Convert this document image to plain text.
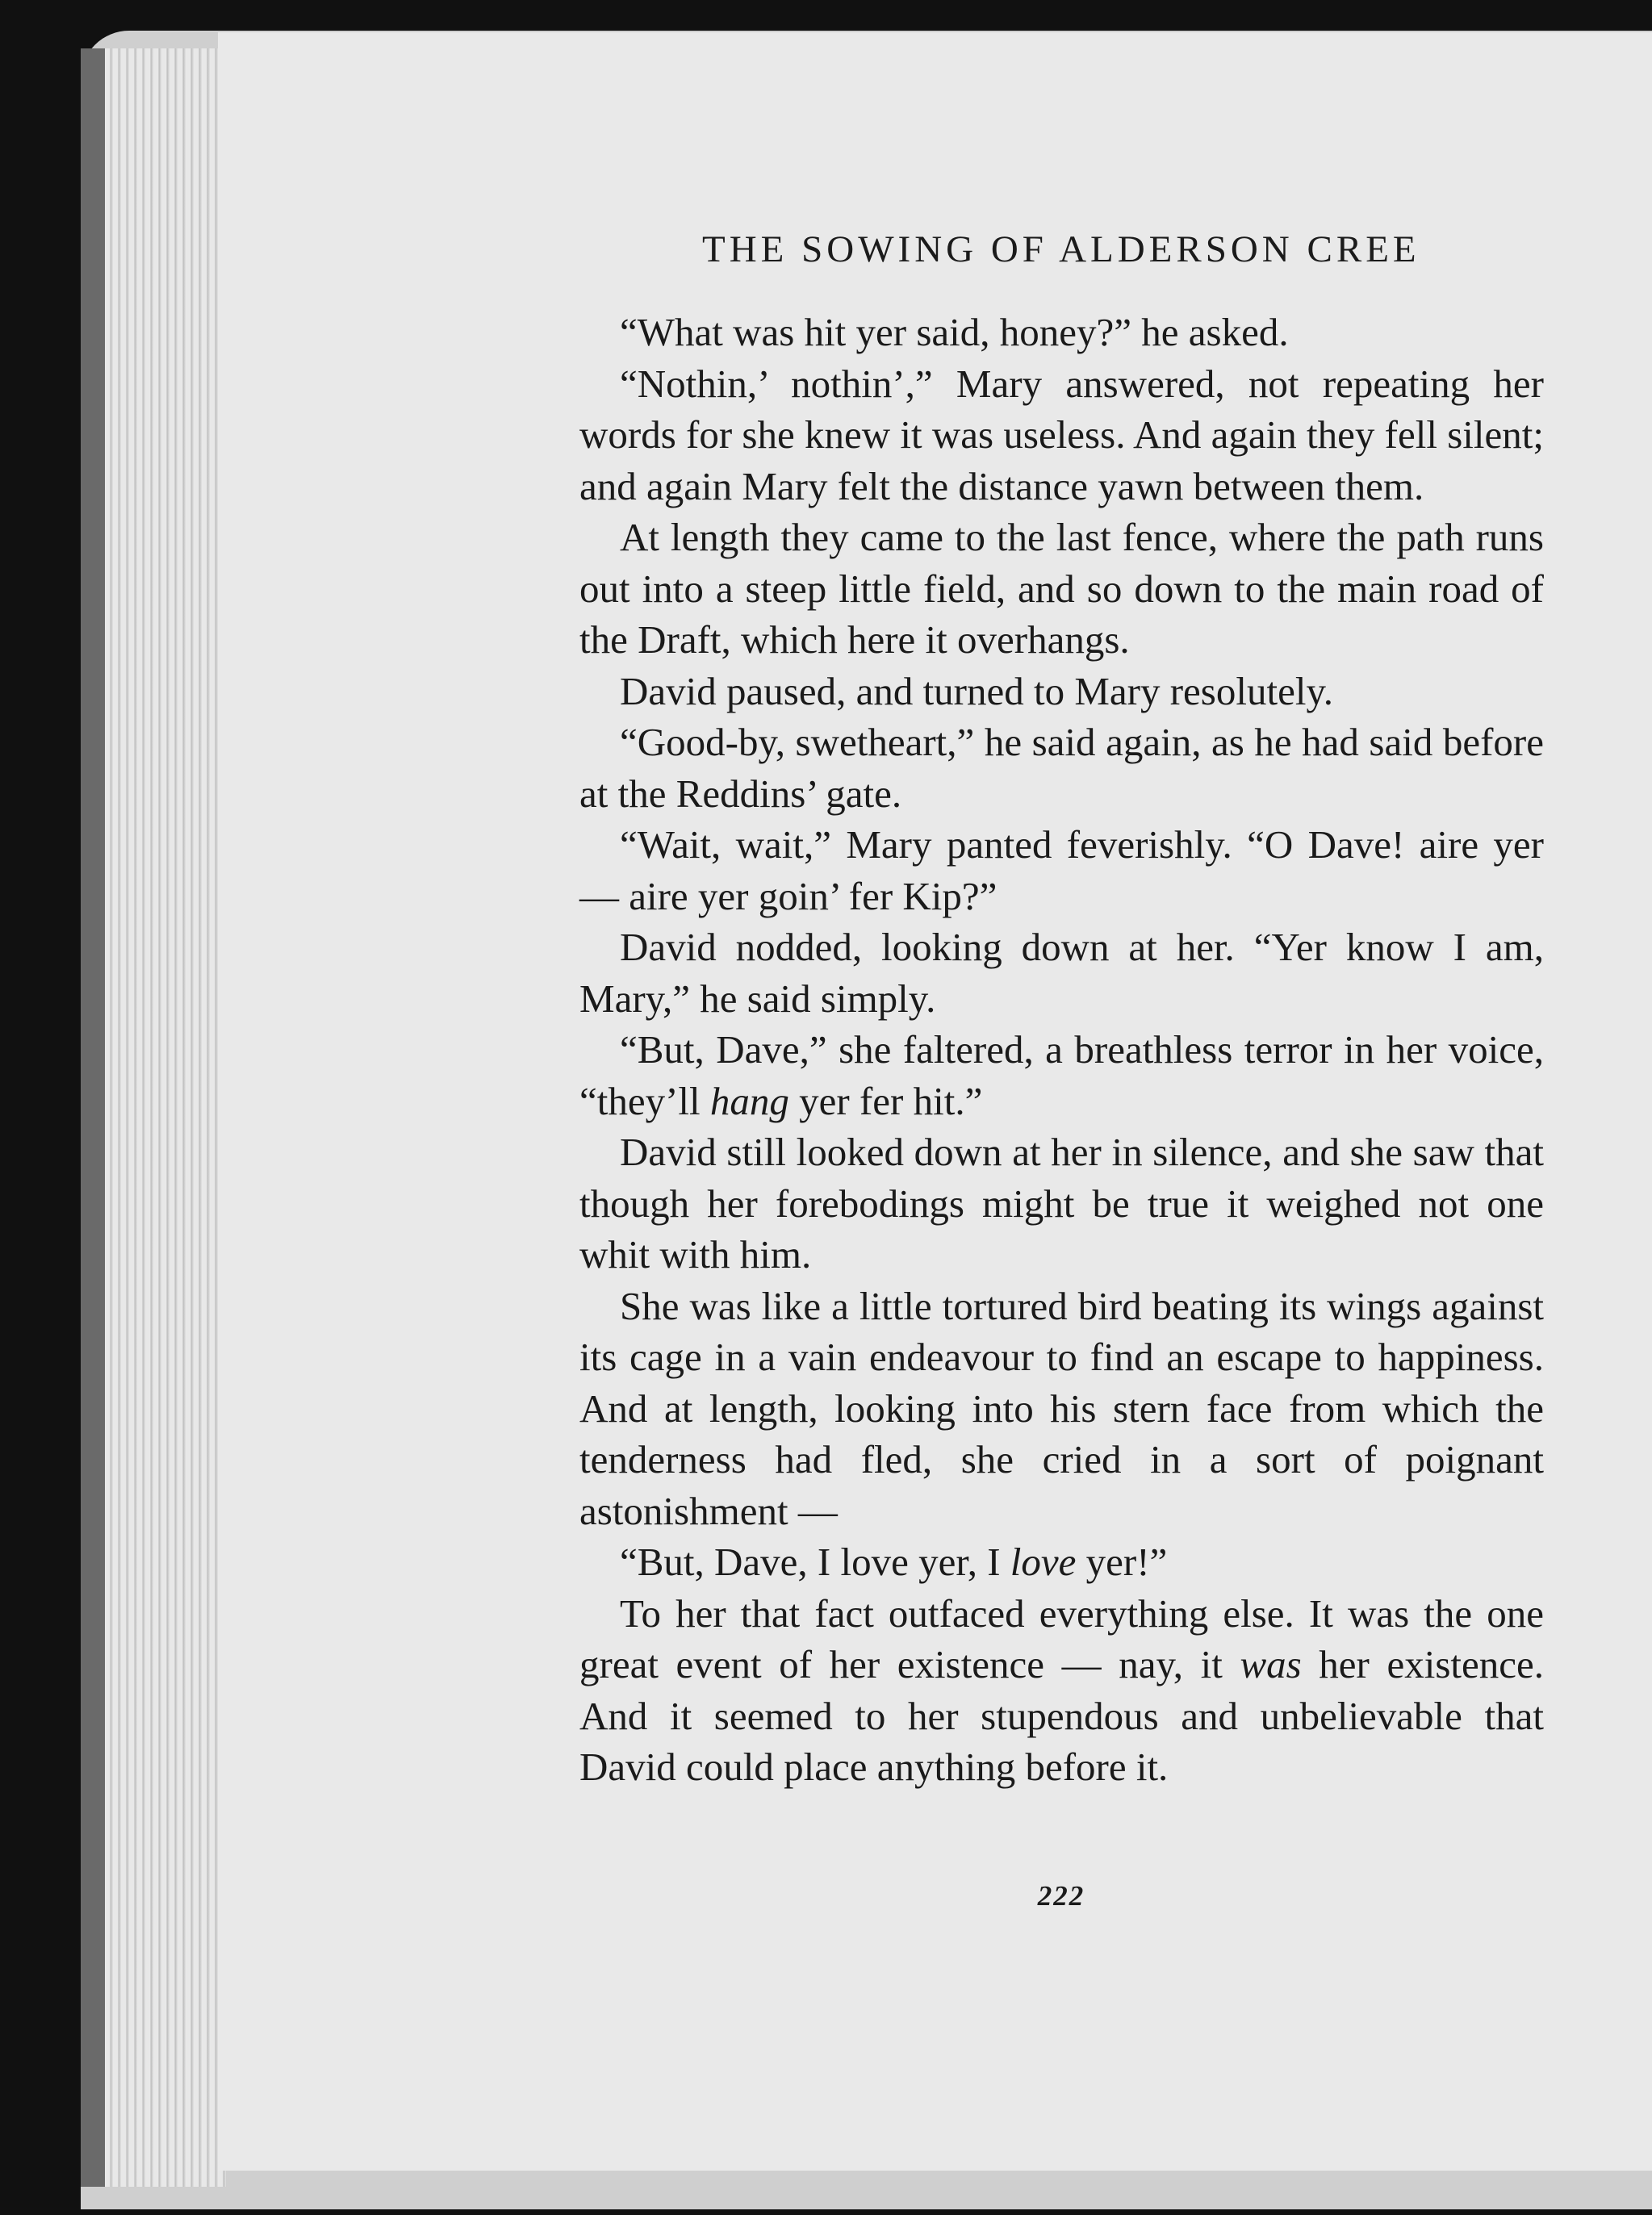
THE SOWING OF ALDERSON CREE

“What was hit yer said, honey?” he asked.

“Nothin,’ nothin’,” Mary answered, not repeating her words for she knew it was useless. And again they fell silent; and again Mary felt the distance yawn between them.

At length they came to the last fence, where the path runs out into a steep little field, and so down to the main road of the Draft, which here it overhangs.

David paused, and turned to Mary resolutely.

“Good-by, swetheart,” he said again, as he had said before at the Reddins’ gate.

“Wait, wait,” Mary panted feverishly. “O Dave! aire yer — aire yer goin’ fer Kip?”

David nodded, looking down at her. “Yer know I am, Mary,” he said simply.

“But, Dave,” she faltered, a breathless terror in her voice, “they’ll hang yer fer hit.”

David still looked down at her in silence, and she saw that though her forebodings might be true it weighed not one whit with him.

She was like a little tortured bird beating its wings against its cage in a vain endeavour to find an escape to happiness. And at length, looking into his stern face from which the tenderness had fled, she cried in a sort of poignant astonishment —

“But, Dave, I love yer, I love yer!”

To her that fact outfaced everything else. It was the one great event of her existence — nay, it was her existence. And it seemed to her stupendous and unbelievable that David could place anything before it.

222
